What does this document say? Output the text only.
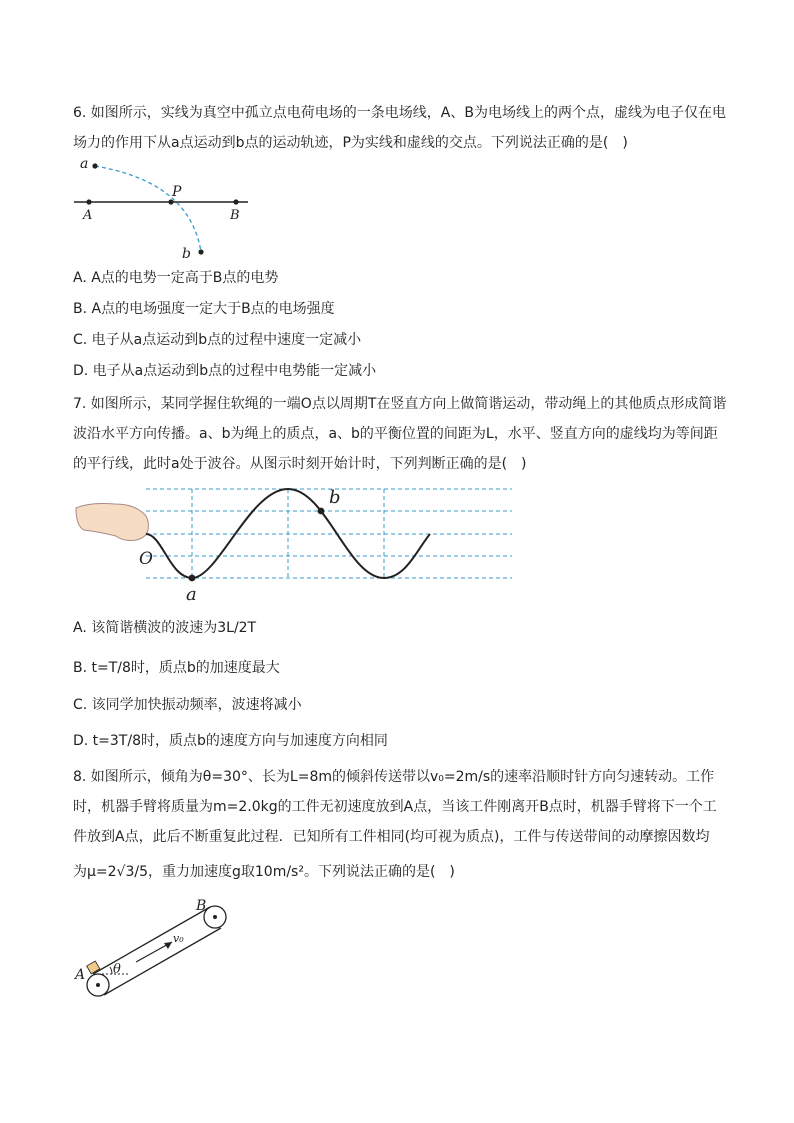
6. 如图所示，实线为真空中孤立点电荷电场的一条电场线，A、B为电场线上的两个点，虚线为电子仅在电
场力的作用下从a点运动到b点的运动轨迹，P为实线和虚线的交点。下列说法正确的是(　)
a
P
A	B
b
A. A点的电势一定高于B点的电势
B. A点的电场强度一定大于B点的电场强度
C. 电子从a点运动到b点的过程中速度一定减小
D. 电子从a点运动到b点的过程中电势能一定减小
7. 如图所示，某同学握住软绳的一端O点以周期T在竖直方向上做简谐运动，带动绳上的其他质点形成简谐
波沿水平方向传播。a、b为绳上的质点，a、b的平衡位置的间距为L，水平、竖直方向的虚线均为等间距
的平行线，此时a处于波谷。从图示时刻开始计时，下列判断正确的是(　)
O
a
b
A. 该简谐横波的波速为3L/2T
B. t=T/8时，质点b的加速度最大
C. 该同学加快振动频率，波速将减小
D. t=3T/8时，质点b的速度方向与加速度方向相同
8. 如图所示，倾角为θ=30°、长为L=8m的倾斜传送带以v₀=2m/s的速率沿顺时针方向匀速转动。工作
时，机器手臂将质量为m=2.0kg的工件无初速度放到A点，当该工件刚离开B点时，机器手臂将下一个工
件放到A点，此后不断重复此过程．已知所有工件相同(均可视为质点)，工件与传送带间的动摩擦因数均
为μ=2√3/5，重力加速度g取10m/s²。下列说法正确的是(　)
θ
v₀
A
B
